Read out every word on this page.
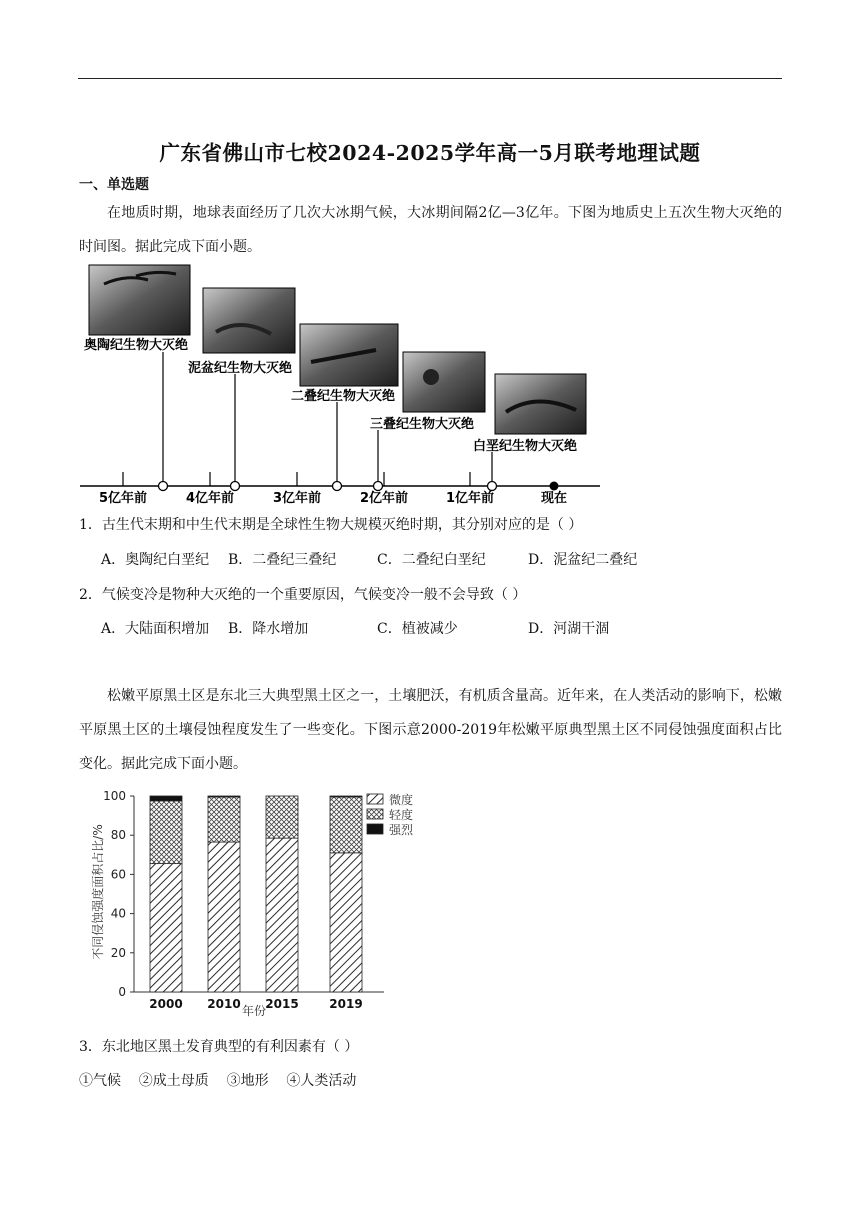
广东省佛山市七校2024-2025学年高一5月联考地理试题
一、单选题
在地质时期，地球表面经历了几次大冰期气候，大冰期间隔2亿—3亿年。下图为地质史上五次生物大灭绝的时间图。据此完成下面小题。
奥陶纪生物大灭绝
泥盆纪生物大灭绝
二叠纪生物大灭绝
三叠纪生物大灭绝
白垩纪生物大灭绝
5亿年前	4亿年前	3亿年前	2亿年前	1亿年前	现在
1．古生代末期和中生代末期是全球性生物大规模灭绝时期，其分别对应的是（ ）
A．奥陶纪白垩纪 B．二叠纪三叠纪	C．二叠纪白垩纪	D．泥盆纪二叠纪
2．气候变冷是物种大灭绝的一个重要原因，气候变冷一般不会导致（ ）
A．大陆面积增加 B．降水增加	C．植被减少	D．河湖干涸
松嫩平原黑土区是东北三大典型黑土区之一，土壤肥沃，有机质含量高。近年来，在人类活动的影响下，松嫩平原黑土区的土壤侵蚀程度发生了一些变化。下图示意2000-2019年松嫩平原典型黑土区不同侵蚀强度面积占比变化。据此完成下面小题。
不同侵蚀强度面积占比/%
0
20
40
60
80
100
2000 2010 2015	2019
微度
轻度
强烈
年份
3．东北地区黑土发育典型的有利因素有（ ）
①气候    ②成土母质    ③地形    ④人类活动
